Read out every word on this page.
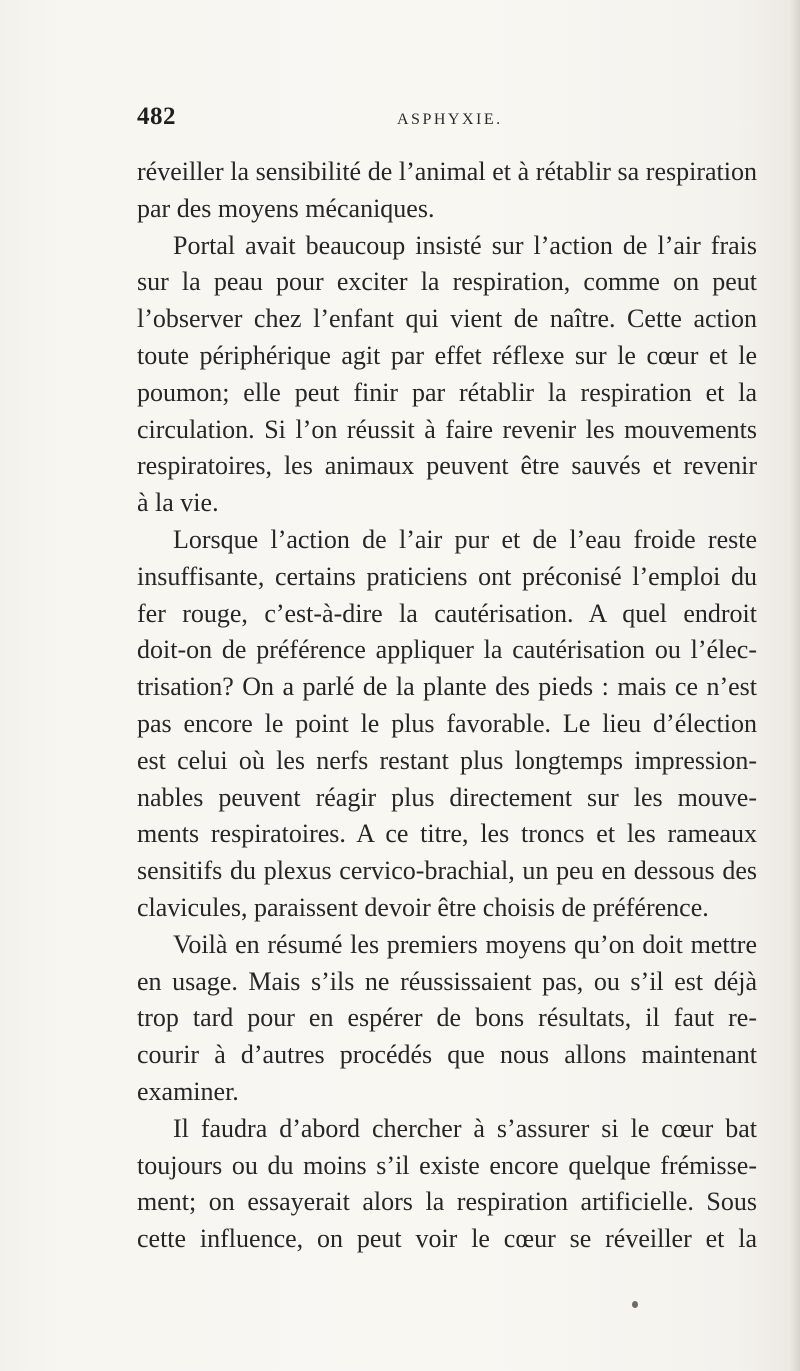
482	ASPHYXIE.
réveiller la sensibilité de l’animal et à rétablir sa respiration
par des moyens mécaniques.
Portal avait beaucoup insisté sur l’action de l’air frais
sur la peau pour exciter la respiration, comme on peut
l’observer chez l’enfant qui vient de naître. Cette action
toute périphérique agit par effet réflexe sur le cœur et le
poumon; elle peut finir par rétablir la respiration et la
circulation. Si l’on réussit à faire revenir les mouvements
respiratoires, les animaux peuvent être sauvés et revenir
à la vie.
Lorsque l’action de l’air pur et de l’eau froide reste
insuffisante, certains praticiens ont préconisé l’emploi du
fer rouge, c’est-à-dire la cautérisation. A quel endroit
doit-on de préférence appliquer la cautérisation ou l’élec-
trisation? On a parlé de la plante des pieds : mais ce n’est
pas encore le point le plus favorable. Le lieu d’élection
est celui où les nerfs restant plus longtemps impression-
nables peuvent réagir plus directement sur les mouve-
ments respiratoires. A ce titre, les troncs et les rameaux
sensitifs du plexus cervico-brachial, un peu en dessous des
clavicules, paraissent devoir être choisis de préférence.
Voilà en résumé les premiers moyens qu’on doit mettre
en usage. Mais s’ils ne réussissaient pas, ou s’il est déjà
trop tard pour en espérer de bons résultats, il faut re-
courir à d’autres procédés que nous allons maintenant
examiner.
Il faudra d’abord chercher à s’assurer si le cœur bat
toujours ou du moins s’il existe encore quelque frémisse-
ment; on essayerait alors la respiration artificielle. Sous
cette influence, on peut voir le cœur se réveiller et la
